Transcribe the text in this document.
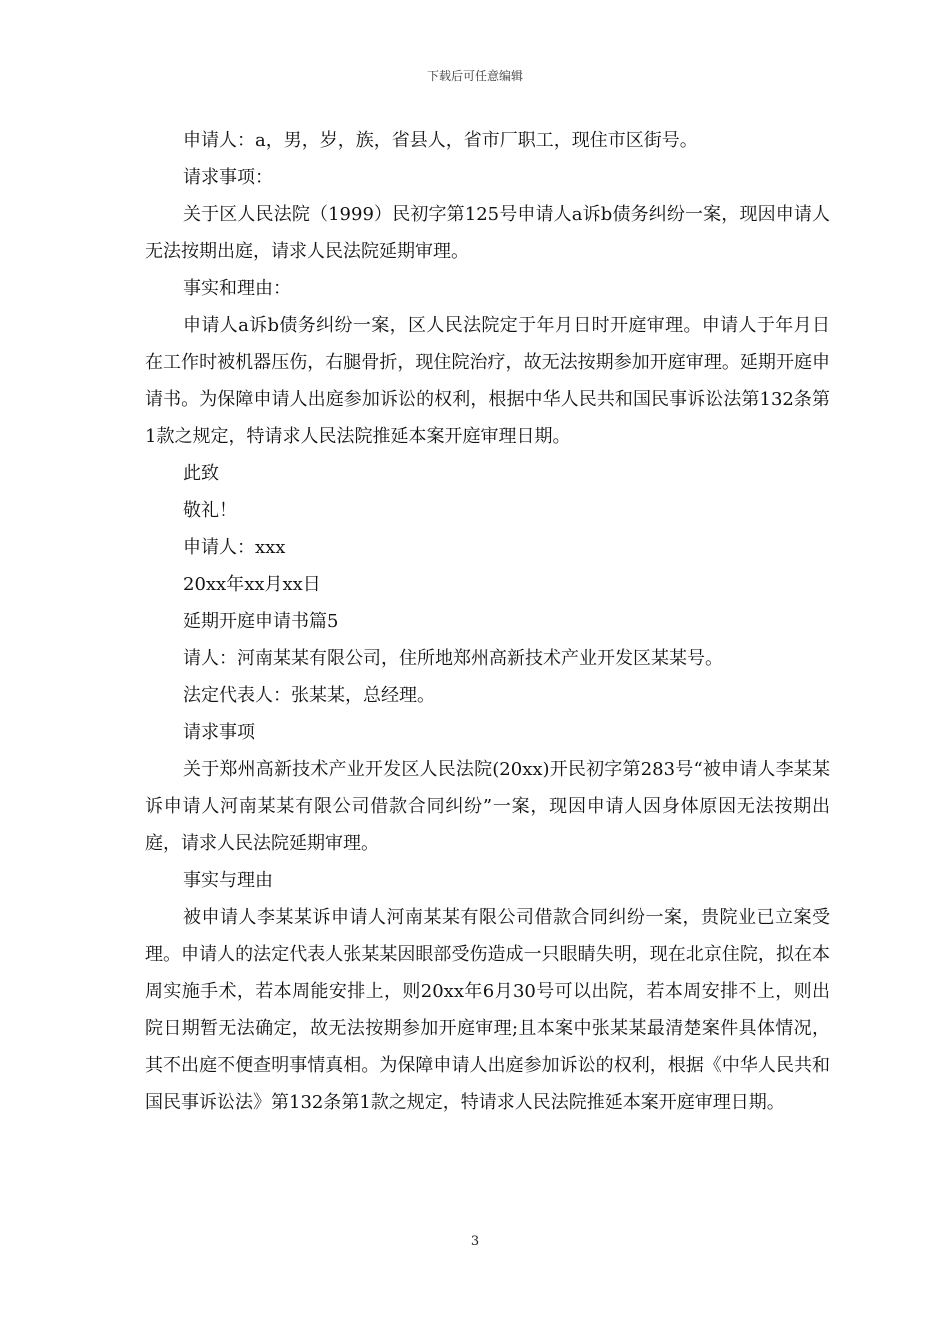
下载后可任意编辑

申请人：a，男，岁，族，省县人，省市厂职工，现住市区街号。

请求事项：

关于区人民法院（1999）民初字第125号申请人a诉b债务纠纷一案，现因申请人无法按期出庭，请求人民法院延期审理。

事实和理由：

申请人a诉b债务纠纷一案，区人民法院定于年月日时开庭审理。申请人于年月日在工作时被机器压伤，右腿骨折，现住院治疗，故无法按期参加开庭审理。延期开庭申请书。为保障申请人出庭参加诉讼的权利，根据中华人民共和国民事诉讼法第132条第1款之规定，特请求人民法院推延本案开庭审理日期。

此致

敬礼！

申请人：xxx

20xx年xx月xx日

延期开庭申请书篇5

请人：河南某某有限公司，住所地郑州高新技术产业开发区某某号。

法定代表人：张某某，总经理。

请求事项

关于郑州高新技术产业开发区人民法院(20xx)开民初字第283号“被申请人李某某诉申请人河南某某有限公司借款合同纠纷”一案，现因申请人因身体原因无法按期出庭，请求人民法院延期审理。

事实与理由

被申请人李某某诉申请人河南某某有限公司借款合同纠纷一案，贵院业已立案受理。申请人的法定代表人张某某因眼部受伤造成一只眼睛失明，现在北京住院，拟在本周实施手术，若本周能安排上，则20xx年6月30号可以出院，若本周安排不上，则出院日期暂无法确定，故无法按期参加开庭审理;且本案中张某某最清楚案件具体情况，其不出庭不便查明事情真相。为保障申请人出庭参加诉讼的权利，根据《中华人民共和国民事诉讼法》第132条第1款之规定，特请求人民法院推延本案开庭审理日期。

3
